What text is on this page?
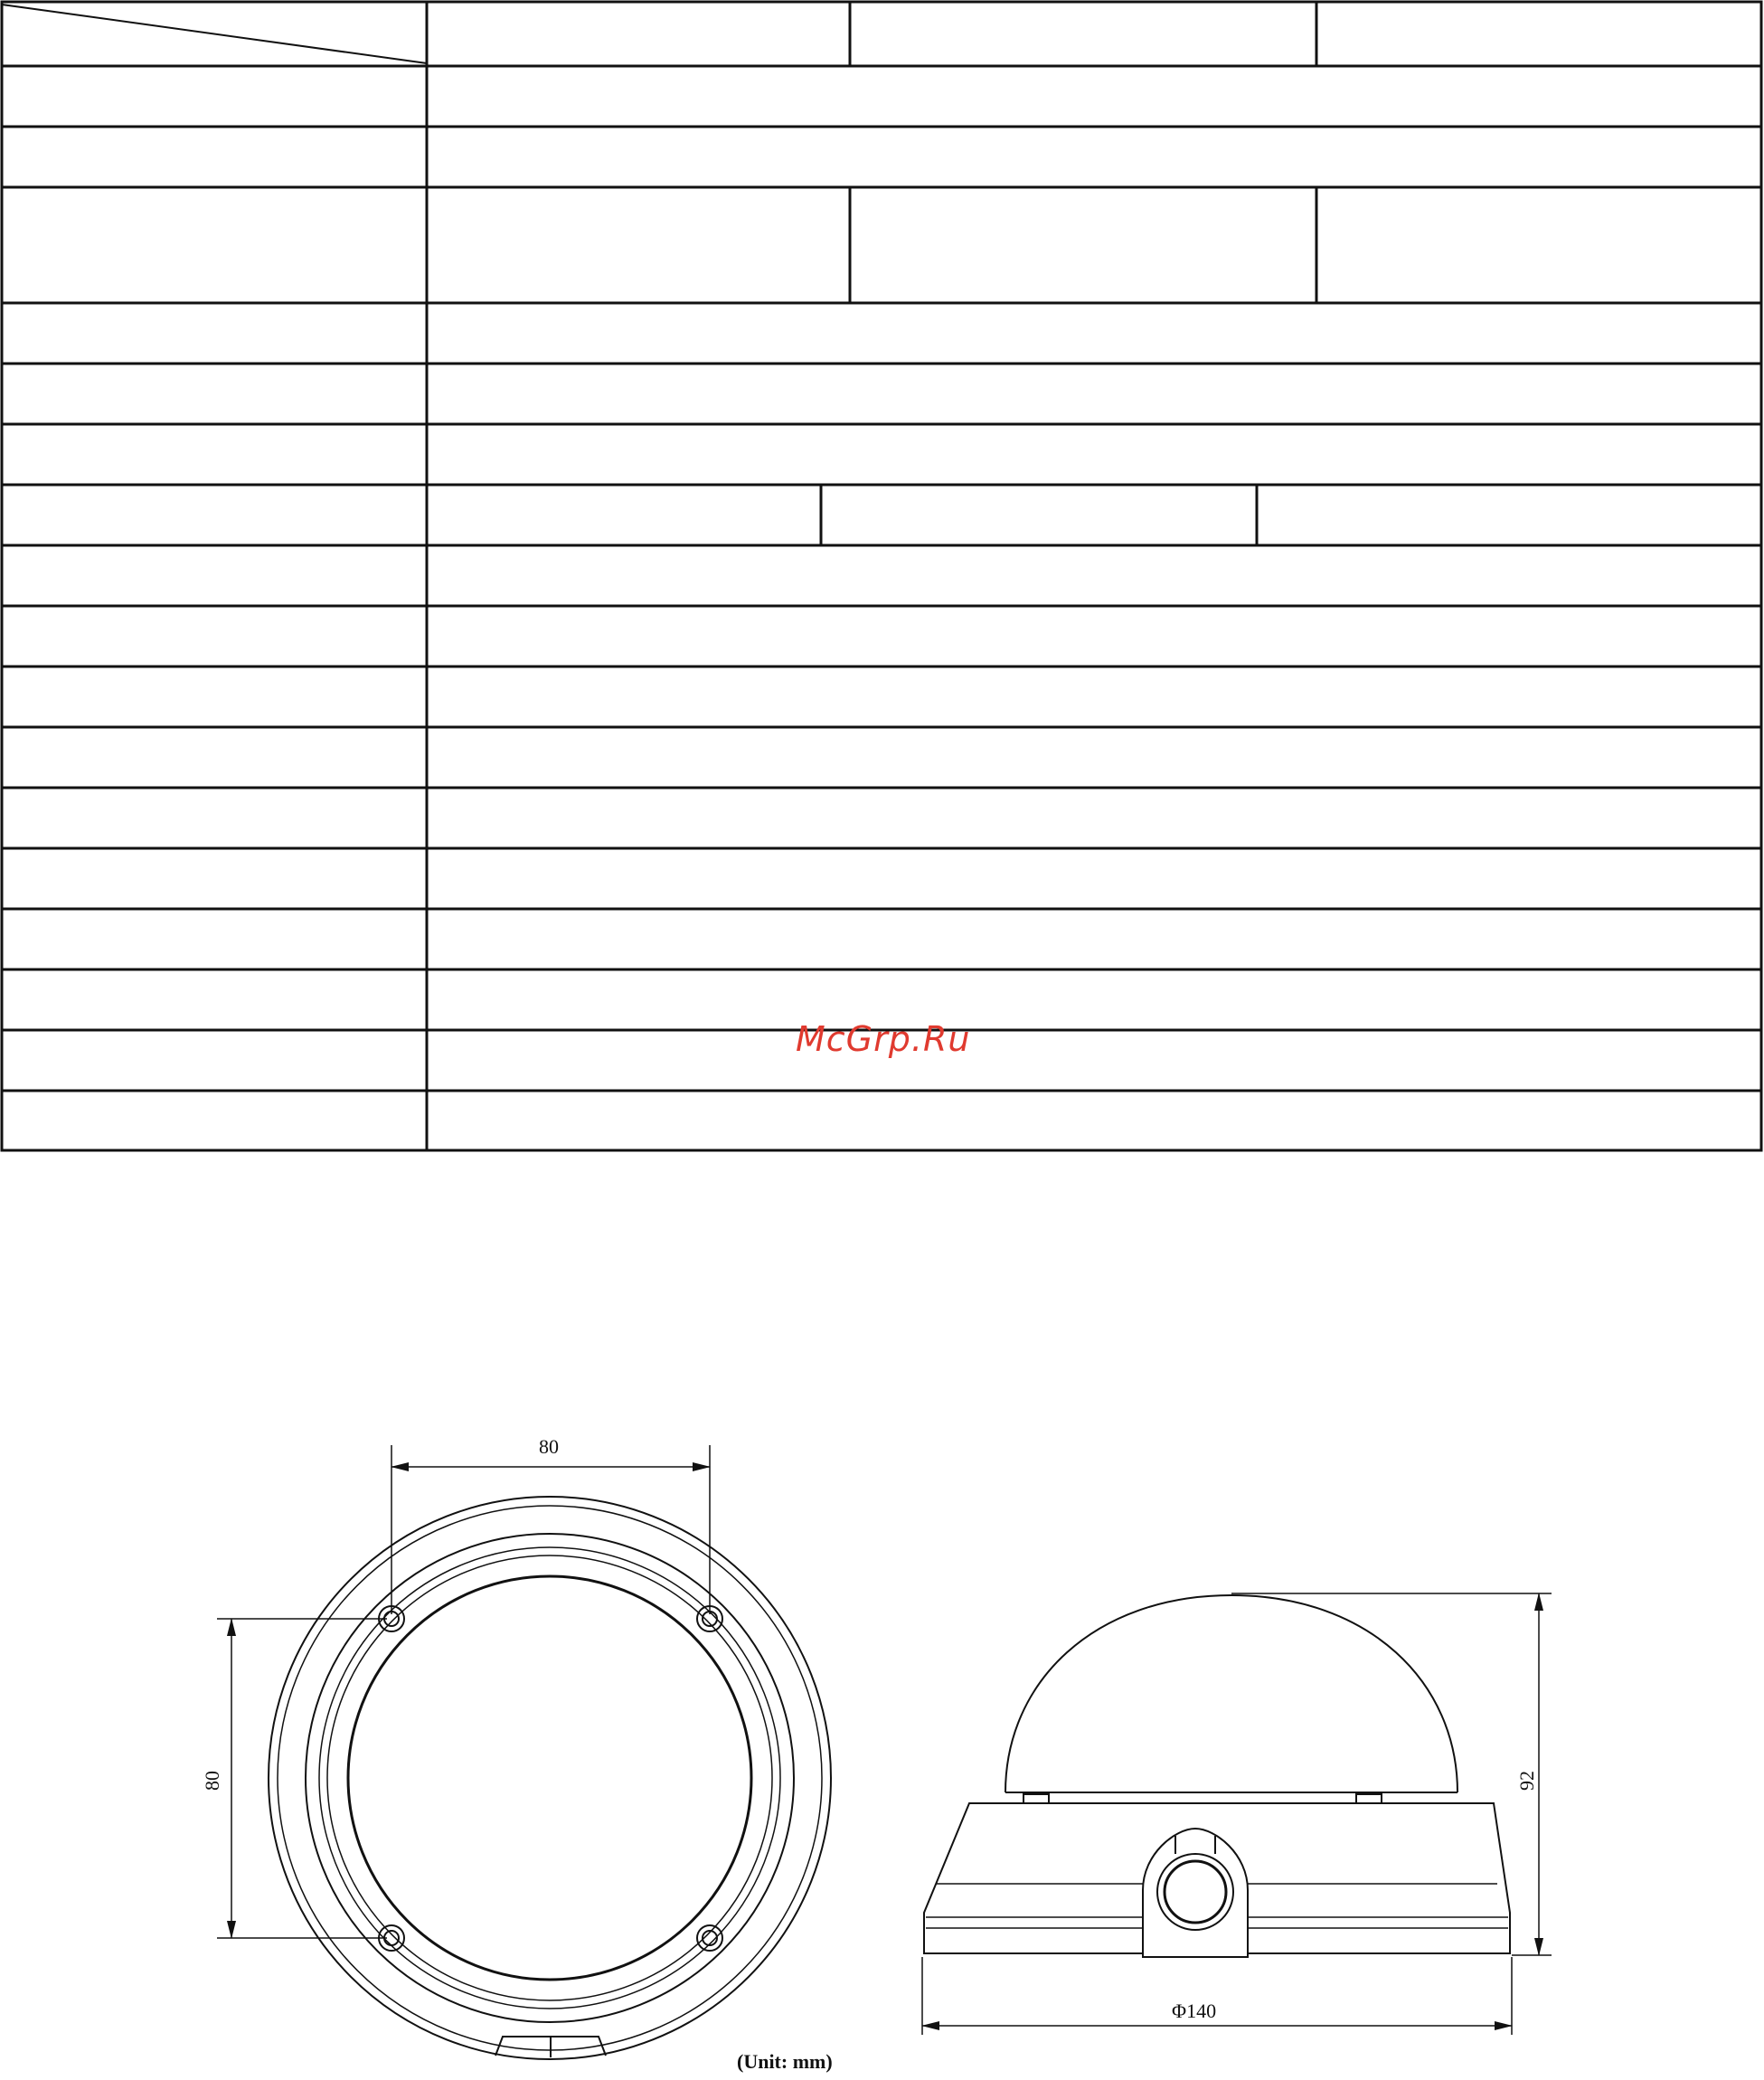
McGrp.Ru
80
80	92
Φ140
(Unit: mm)
